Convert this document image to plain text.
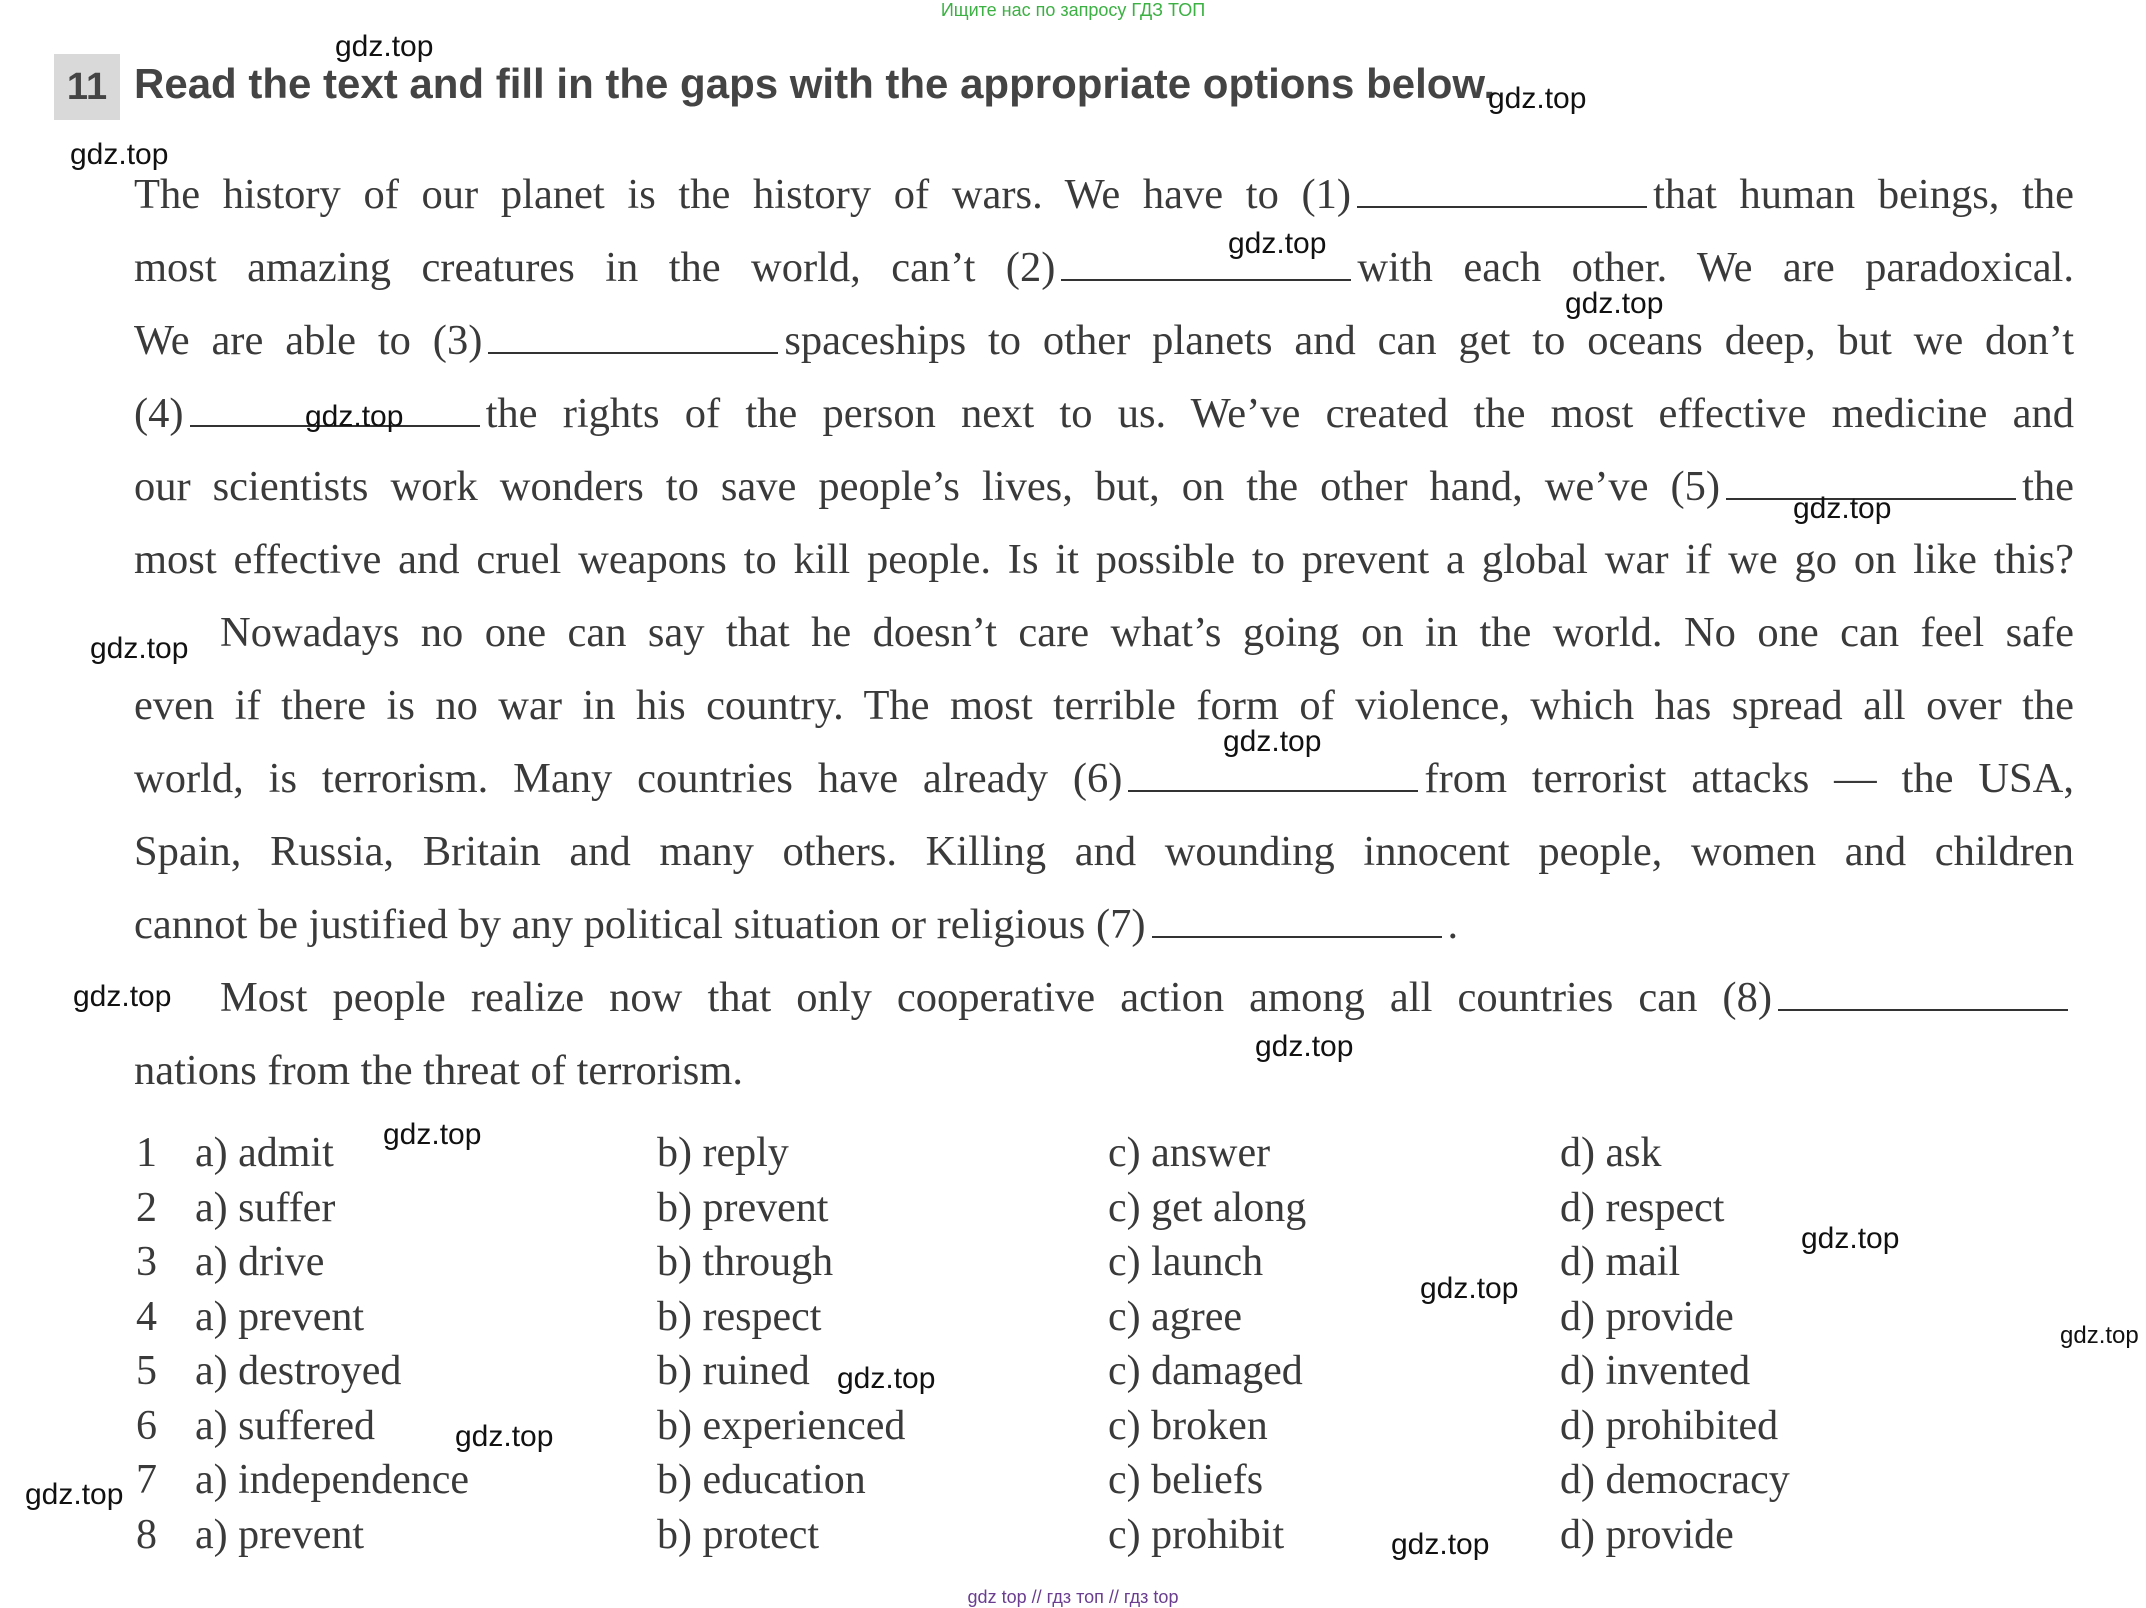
Ищите нас по запросу ГДЗ ТОП
11 Read the text and fill in the gaps with the appropriate options below.
The history of our planet is the history of wars. We have to (1)	that human beings, the
most amazing creatures in the world, can’t (2)	with each other. We are paradoxical.
We are able to (3)	spaceships to other planets and can get to oceans deep, but we don’t
(4)	the rights of the person next to us. We’ve created the most effective medicine and
our scientists work wonders to save people’s lives, but, on the other hand, we’ve (5)	the
most effective and cruel weapons to kill people. Is it possible to prevent a global war if we go on like this?
Nowadays no one can say that he doesn’t care what’s going on in the world. No one can feel safe
even if there is no war in his country. The most terrible form of violence, which has spread all over the
world, is terrorism. Many countries have already (6)	from terrorist attacks — the USA,
Spain, Russia, Britain and many others. Killing and wounding innocent people, women and children
cannot be justified by any political situation or religious (7)	.
Most people realize now that only cooperative action among all countries can (8)
nations from the threat of terrorism.
1 a) admit	b) reply	c) answer	d) ask
2 a) suffer	b) prevent	c) get along	d) respect
3 a) drive	b) through	c) launch	d) mail
4 a) prevent	b) respect	c) agree	d) provide
5 a) destroyed	b) ruined	c) damaged	d) invented
6 a) suffered	b) experienced	c) broken	d) prohibited
7 a) independence	b) education	c) beliefs	d) democracy
8 a) prevent	b) protect	c) prohibit	d) provide
gdz top // гдз топ // гдз top
gdz.top
gdz.top
gdz.top
gdz.top
gdz.top
gdz.top
gdz.top
gdz.top
gdz.top
gdz.top
gdz.top
gdz.top
gdz.top
gdz.top
gdz.top
gdz.top
gdz.top
gdz.top
gdz.top
